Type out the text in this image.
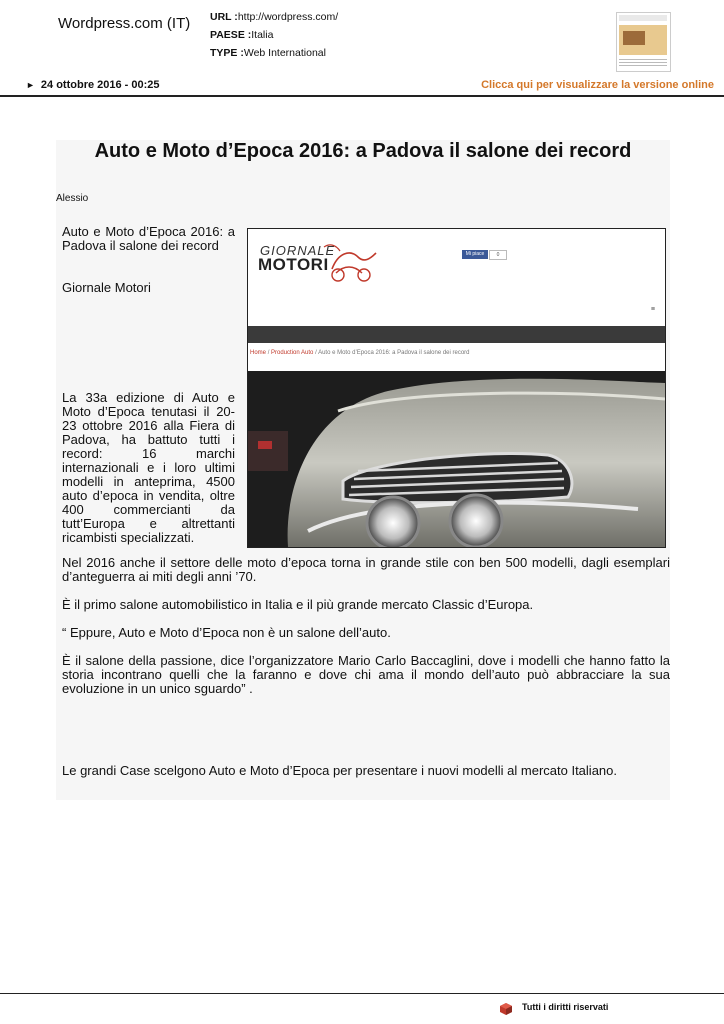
Wordpress.com (IT) URL :http://wordpress.com/
PAESE :Italia
TYPE :Web International
► 24 ottobre 2016 - 00:25	Clicca qui per visualizzare la versione online
Auto e Moto d’Epoca 2016: a Padova il salone dei record
Alessio
Auto e Moto d’Epoca 2016: a Padova il salone dei record
Giornale Motori
La 33a edizione di Auto e Moto d’Epoca tenutasi il 20-23 ottobre 2016 alla Fiera di Padova, ha battuto tutti i record: 16 marchi internazionali e i loro ultimi modelli in anteprima, 4500 auto d’epoca in vendita, oltre 400 commercianti da tutt’Europa e altrettanti ricambisti specializzati.
GIORNALE
MOTORI
Mi piace	0
≡
Home / Production Auto / Auto e Moto d’Epoca 2016: a Padova il salone dei record
Nel 2016 anche il settore delle moto d’epoca torna in grande stile con ben 500 modelli, dagli esemplari d’anteguerra ai miti degli anni ’70.
È il primo salone automobilistico in Italia e il più grande mercato Classic d’Europa.
“ Eppure, Auto e Moto d’Epoca non è un salone dell’auto.
È il salone della passione, dice l’organizzatore Mario Carlo Baccaglini, dove i modelli che hanno fatto la storia incontrano quelli che la faranno e dove chi ama il mondo dell’auto può abbracciare la sua evoluzione in un unico sguardo” .
Le grandi Case scelgono Auto e Moto d’Epoca per presentare i nuovi modelli al mercato Italiano.
Tutti i diritti riservati
